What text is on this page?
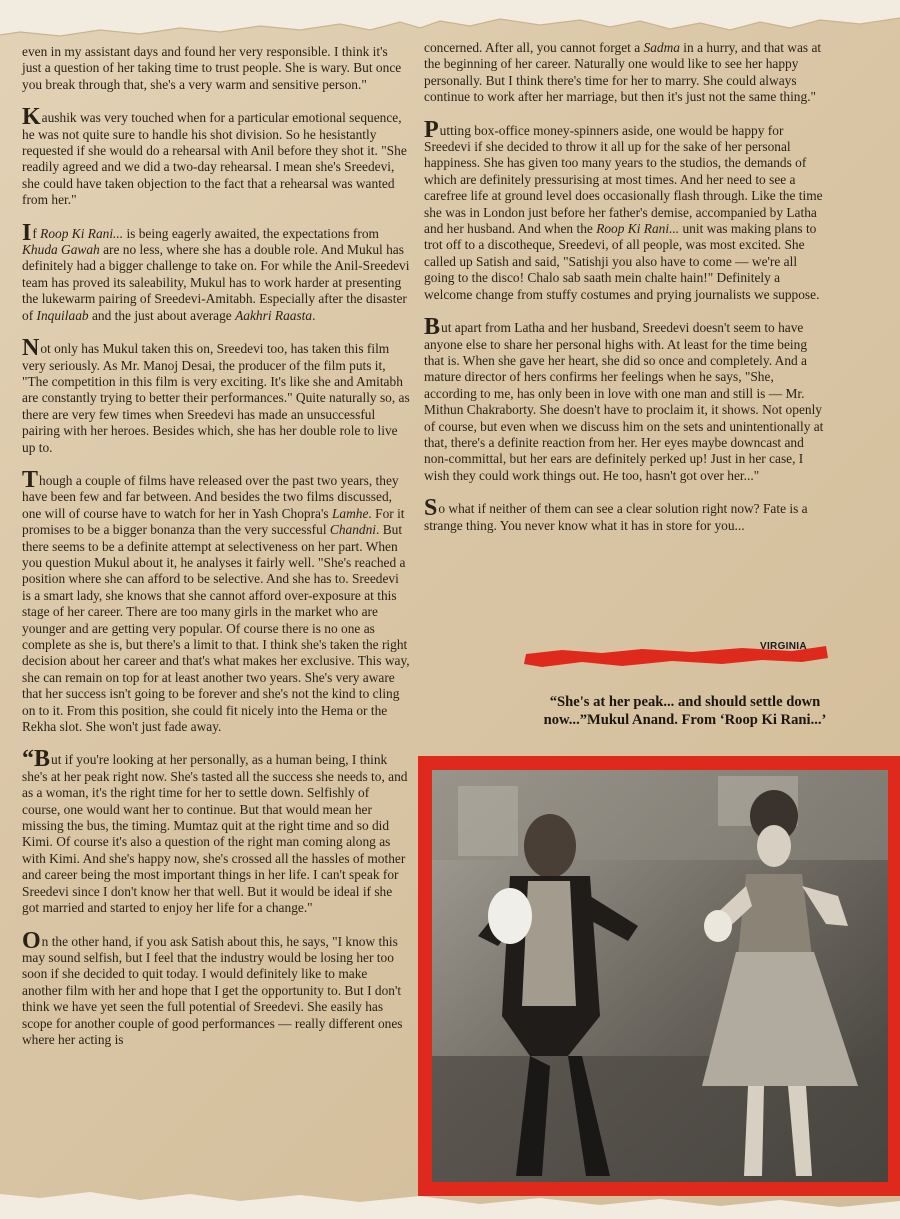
even in my assistant days and found her very responsible. I think it's just a question of her taking time to trust people. She is wary. But once you break through that, she's a very warm and sensitive person."

Kaushik was very touched when for a particular emotional sequence, he was not quite sure to handle his shot division. So he hesistantly requested if she would do a rehearsal with Anil before they shot it. "She readily agreed and we did a two-day rehearsal. I mean she's Sreedevi, she could have taken objection to the fact that a rehearsal was wanted from her."

If Roop Ki Rani... is being eagerly awaited, the expectations from Khuda Gawah are no less, where she has a double role. And Mukul has definitely had a bigger challenge to take on. For while the Anil-Sreedevi team has proved its saleability, Mukul has to work harder at presenting the lukewarm pairing of Sreedevi-Amitabh. Especially after the disaster of Inquilaab and the just about average Aakhri Raasta.

Not only has Mukul taken this on, Sreedevi too, has taken this film very seriously. As Mr. Manoj Desai, the producer of the film puts it, "The competition in this film is very exciting. It's like she and Amitabh are constantly trying to better their performances." Quite naturally so, as there are very few times when Sreedevi has made an unsuccessful pairing with her heroes. Besides which, she has her double role to live up to.

Though a couple of films have released over the past two years, they have been few and far between. And besides the two films discussed, one will of course have to watch for her in Yash Chopra's Lamhe. For it promises to be a bigger bonanza than the very successful Chandni. But there seems to be a definite attempt at selectiveness on her part. When you question Mukul about it, he analyses it fairly well. "She's reached a position where she can afford to be selective. And she has to. Sreedevi is a smart lady, she knows that she cannot afford over-exposure at this stage of her career. There are too many girls in the market who are younger and are getting very popular. Of course there is no one as complete as she is, but there's a limit to that. I think she's taken the right decision about her career and that's what makes her exclusive. This way, she can remain on top for at least another two years. She's very aware that her success isn't going to be forever and she's not the kind to cling on to it. From this position, she could fit nicely into the Hema or the Rekha slot. She won't just fade away.

“But if you're looking at her personally, as a human being, I think she's at her peak right now. She's tasted all the success she needs to, and as a woman, it's the right time for her to settle down. Selfishly of course, one would want her to continue. But that would mean her missing the bus, the timing. Mumtaz quit at the right time and so did Kimi. Of course it's also a question of the right man coming along as with Kimi. And she's happy now, she's crossed all the hassles of mother and career being the most important things in her life. I can't speak for Sreedevi since I don't know her that well. But it would be ideal if she got married and started to enjoy her life for a change."

On the other hand, if you ask Satish about this, he says, "I know this may sound selfish, but I feel that the industry would be losing her too soon if she decided to quit today. I would definitely like to make another film with her and hope that I get the opportunity to. But I don't think we have yet seen the full potential of Sreedevi. She easily has scope for another couple of good performances — really different ones where her acting is

concerned. After all, you cannot forget a Sadma in a hurry, and that was at the beginning of her career. Naturally one would like to see her happy personally. But I think there's time for her to marry. She could always continue to work after her marriage, but then it's just not the same thing."

Putting box-office money-spinners aside, one would be happy for Sreedevi if she decided to throw it all up for the sake of her personal happiness. She has given too many years to the studios, the demands of which are definitely pressurising at most times. And her need to see a carefree life at ground level does occasionally flash through. Like the time she was in London just before her father's demise, accompanied by Latha and her husband. And when the Roop Ki Rani... unit was making plans to trot off to a discotheque, Sreedevi, of all people, was most excited. She called up Satish and said, "Satishji you also have to come — we're all going to the disco! Chalo sab saath mein chalte hain!" Definitely a welcome change from stuffy costumes and prying journalists we suppose.

But apart from Latha and her husband, Sreedevi doesn't seem to have anyone else to share her personal highs with. At least for the time being that is. When she gave her heart, she did so once and completely. And a mature director of hers confirms her feelings when he says, "She, according to me, has only been in love with one man and still is — Mr. Mithun Chakraborty. She doesn't have to proclaim it, it shows. Not openly of course, but even when we discuss him on the sets and unintentionally at that, there's a definite reaction from her. Her eyes maybe downcast and non-committal, but her ears are definitely perked up! Just in her case, I wish they could work things out. He too, hasn't got over her..."

So what if neither of them can see a clear solution right now? Fate is a strange thing. You never know what it has in store for you...

VIRGINIA
“She's at her peak... and should settle down now...”Mukul Anand. From ‘Roop Ki Rani...’
